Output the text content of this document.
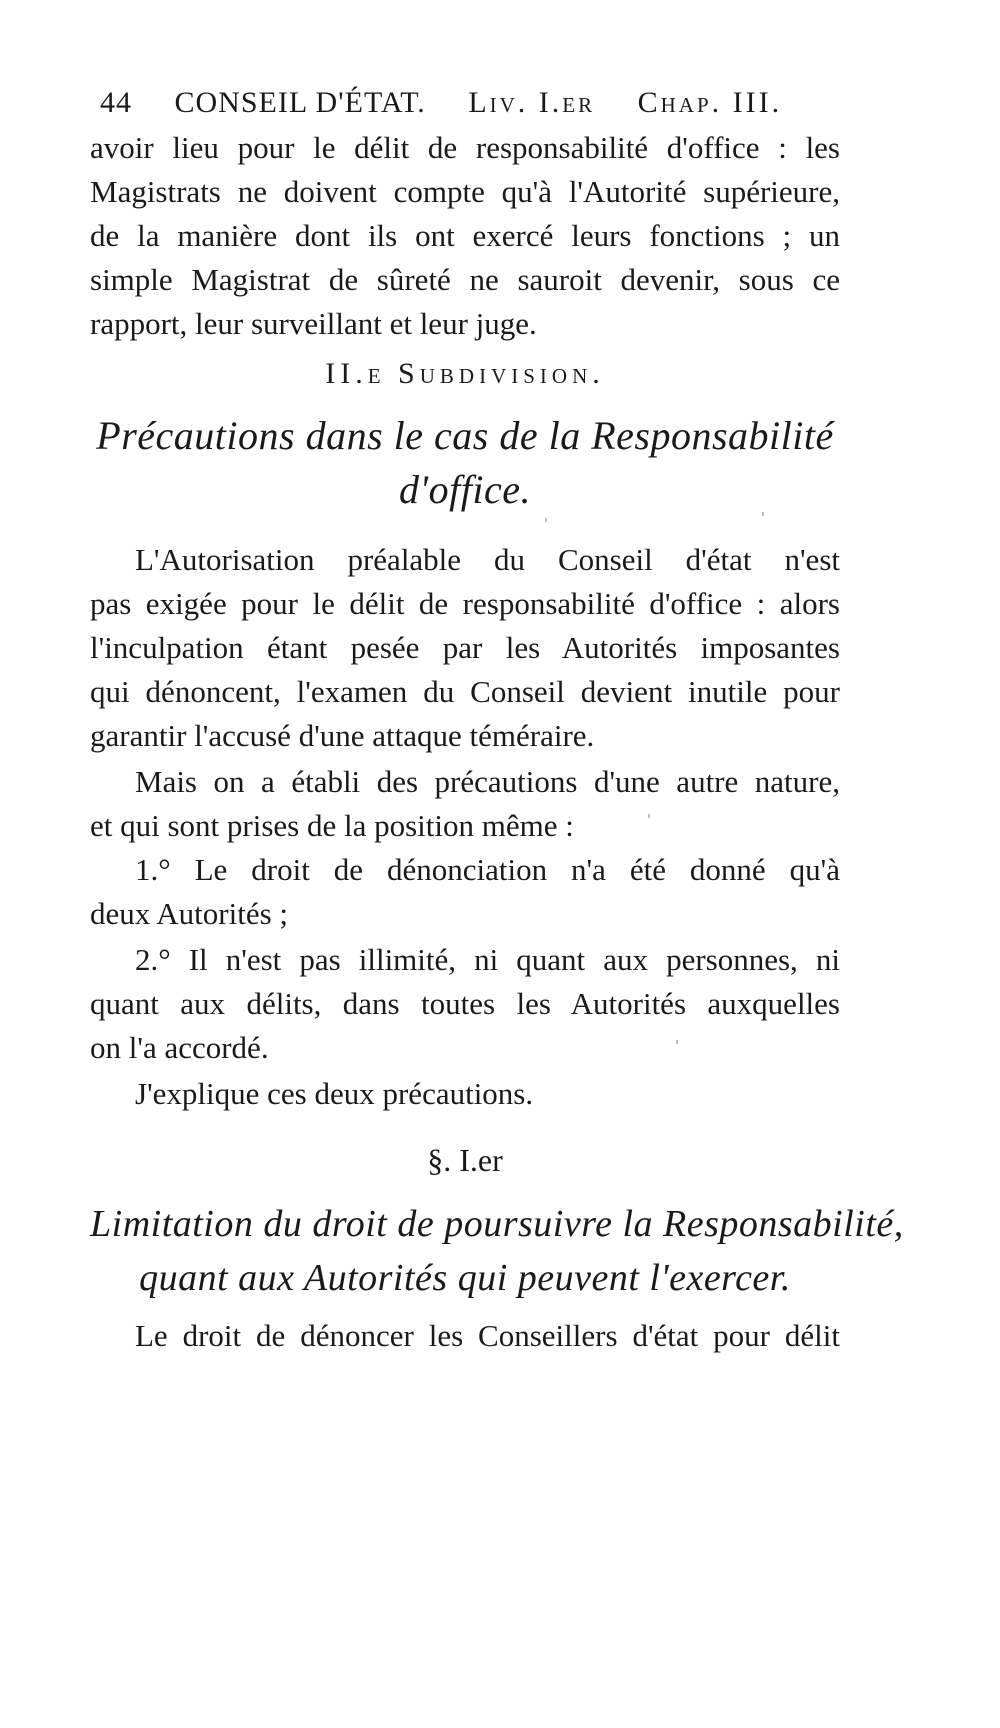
44 CONSEIL D'ÉTAT. Liv. I.er Chap. III.
avoir lieu pour le délit de responsabilité d'office : les
Magistrats ne doivent compte qu'à l'Autorité supérieure,
de la manière dont ils ont exercé leurs fonctions ; un
simple Magistrat de sûreté ne sauroit devenir, sous ce
rapport, leur surveillant et leur juge.
II.e Subdivision.
Précautions dans le cas de la Responsabilité
d'office.
L'Autorisation préalable du Conseil d'état n'est
pas exigée pour le délit de responsabilité d'office : alors
l'inculpation étant pesée par les Autorités imposantes
qui dénoncent, l'examen du Conseil devient inutile pour
garantir l'accusé d'une attaque téméraire.
Mais on a établi des précautions d'une autre nature,
et qui sont prises de la position même :
1.° Le droit de dénonciation n'a été donné qu'à
deux Autorités ;
2.° Il n'est pas illimité, ni quant aux personnes, ni
quant aux délits, dans toutes les Autorités auxquelles
on l'a accordé.
J'explique ces deux précautions.
§. I.er
Limitation du droit de poursuivre la Responsabilité,
quant aux Autorités qui peuvent l'exercer.
Le droit de dénoncer les Conseillers d'état pour délit
